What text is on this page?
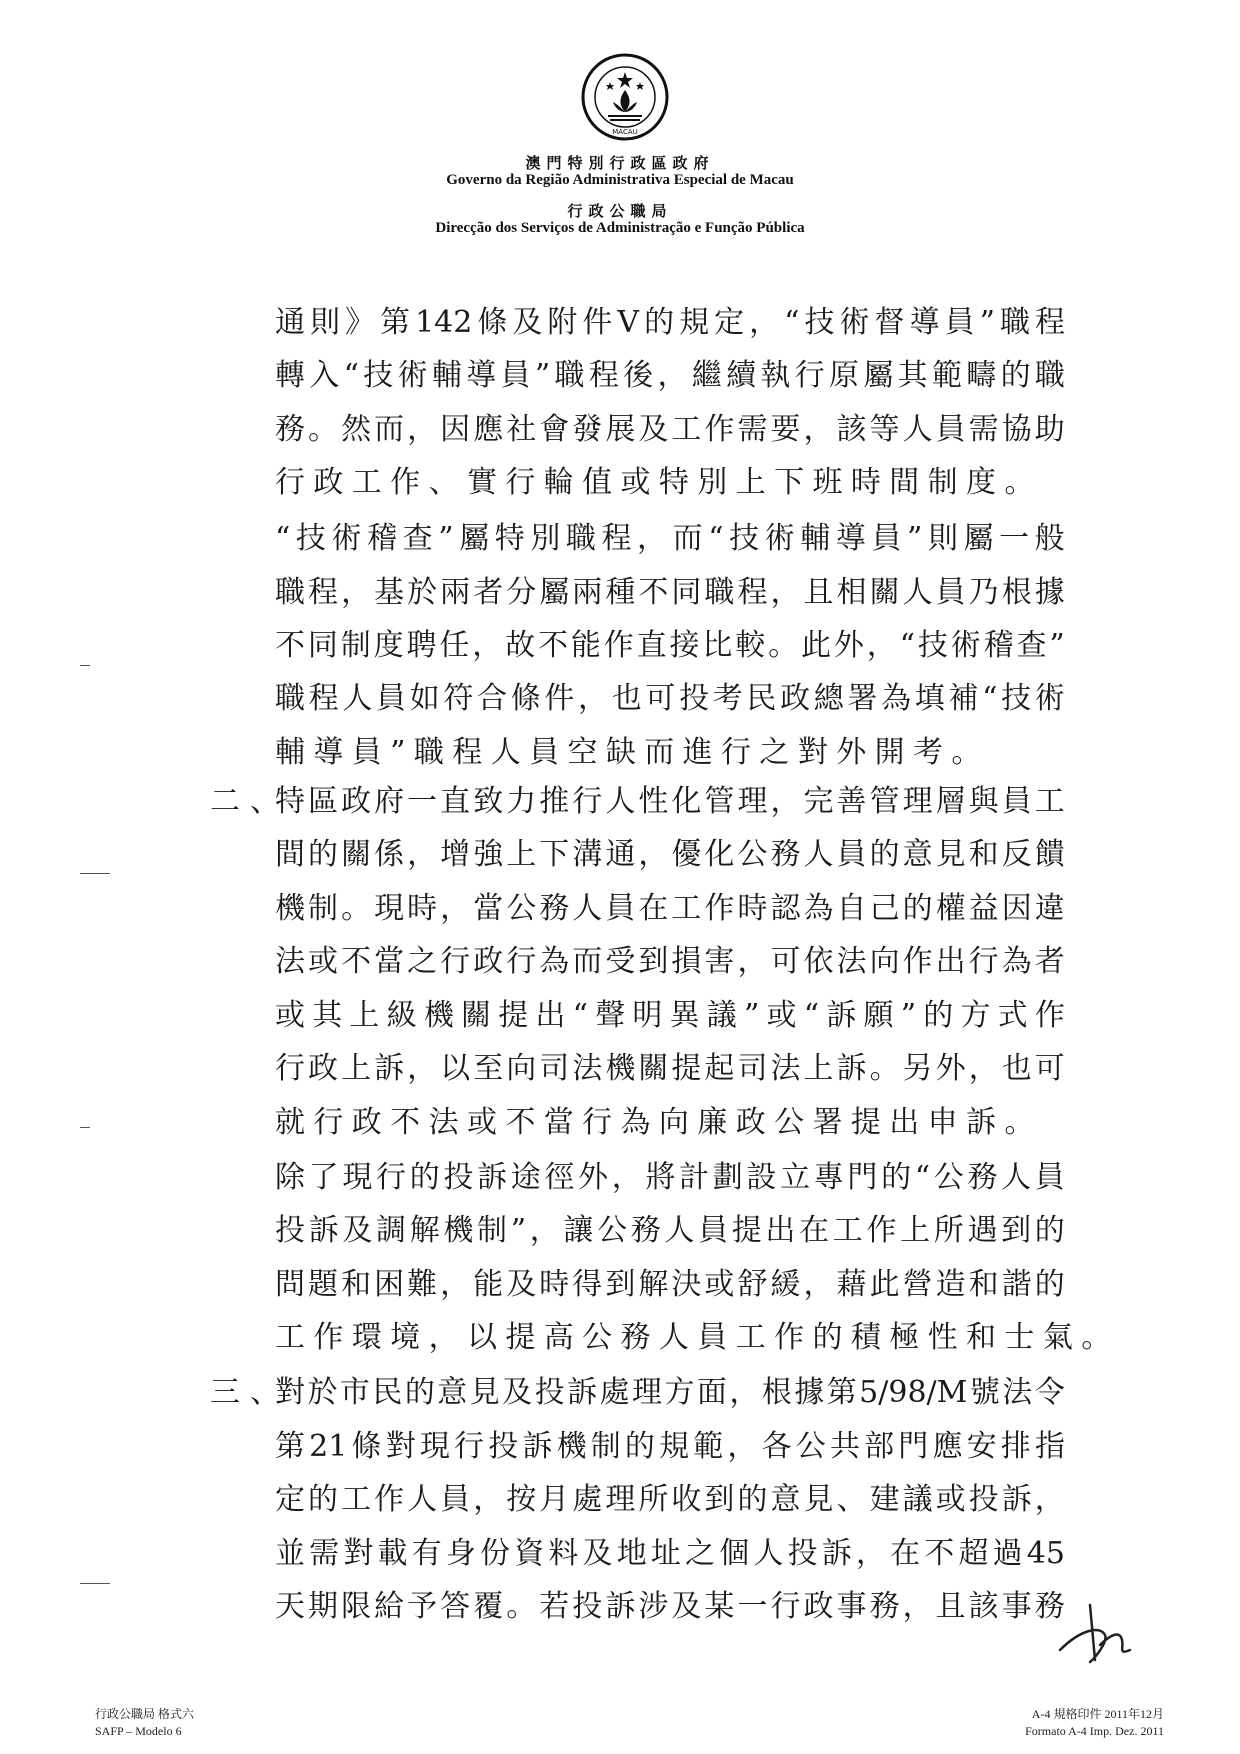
MACAU
澳門特別行政區政府
Governo da Região Administrativa Especial de Macau
行政公職局
Direcção dos Serviços de Administração e Função Pública
通 則 》 第 142 條 及 附 件 V 的 規 定 ， “ 技 術 督 導 員 ” 職 程
轉 入 “ 技 術 輔 導 員 ” 職 程 後 ， 繼 續 執 行 原 屬 其 範 疇 的 職
務 。 然 而 ， 因 應 社 會 發 展 及 工 作 需 要 ， 該 等 人 員 需 協 助
行 政 工 作 、 實 行 輪 值 或 特 別 上 下 班 時 間 制 度 。
“ 技 術 稽 查 ” 屬 特 別 職 程 ， 而 “ 技 術 輔 導 員 ” 則 屬 一 般
職 程 ， 基 於 兩 者 分 屬 兩 種 不 同 職 程 ， 且 相 關 人 員 乃 根 據
不 同 制 度 聘 任 ， 故 不 能 作 直 接 比 較 。 此 外 ， “ 技 術 稽 查 ”
職 程 人 員 如 符 合 條 件 ， 也 可 投 考 民 政 總 署 為 填 補 “ 技 術
輔 導 員 ” 職 程 人 員 空 缺 而 進 行 之 對 外 開 考 。
特 區 政 府 一 直 致 力 推 行 人 性 化 管 理 ， 完 善 管 理 層 與 員 工
間 的 關 係 ， 增 強 上 下 溝 通 ， 優 化 公 務 人 員 的 意 見 和 反 饋
機 制 。 現 時 ， 當 公 務 人 員 在 工 作 時 認 為 自 己 的 權 益 因 違
法 或 不 當 之 行 政 行 為 而 受 到 損 害 ， 可 依 法 向 作 出 行 為 者
或 其 上 級 機 關 提 出 “ 聲 明 異 議 ” 或 “ 訴 願 ” 的 方 式 作
行 政 上 訴 ， 以 至 向 司 法 機 關 提 起 司 法 上 訴 。 另 外 ， 也 可
就 行 政 不 法 或 不 當 行 為 向 廉 政 公 署 提 出 申 訴 。
除 了 現 行 的 投 訴 途 徑 外 ， 將 計 劃 設 立 專 門 的 “ 公 務 人 員
投 訴 及 調 解 機 制 ” ， 讓 公 務 人 員 提 出 在 工 作 上 所 遇 到 的
問 題 和 困 難 ， 能 及 時 得 到 解 決 或 舒 緩 ， 藉 此 營 造 和 諧 的
工 作 環 境 ， 以 提 高 公 務 人 員 工 作 的 積 極 性 和 士 氣 。
對 於 市 民 的 意 見 及 投 訴 處 理 方 面 ， 根 據 第 5/98/M 號 法 令
第 21 條 對 現 行 投 訴 機 制 的 規 範 ， 各 公 共 部 門 應 安 排 指
定 的 工 作 人 員 ， 按 月 處 理 所 收 到 的 意 見 、 建 議 或 投 訴 ，
並 需 對 載 有 身 份 資 料 及 地 址 之 個 人 投 訴 ， 在 不 超 過 45
天 期 限 給 予 答 覆 。 若 投 訴 涉 及 某 一 行 政 事 務 ， 且 該 事 務
二 、
三 、
行政公職局 格式六
SAFP – Modelo 6
A-4 規格印件 2011年12月
Formato A-4 Imp. Dez. 2011
